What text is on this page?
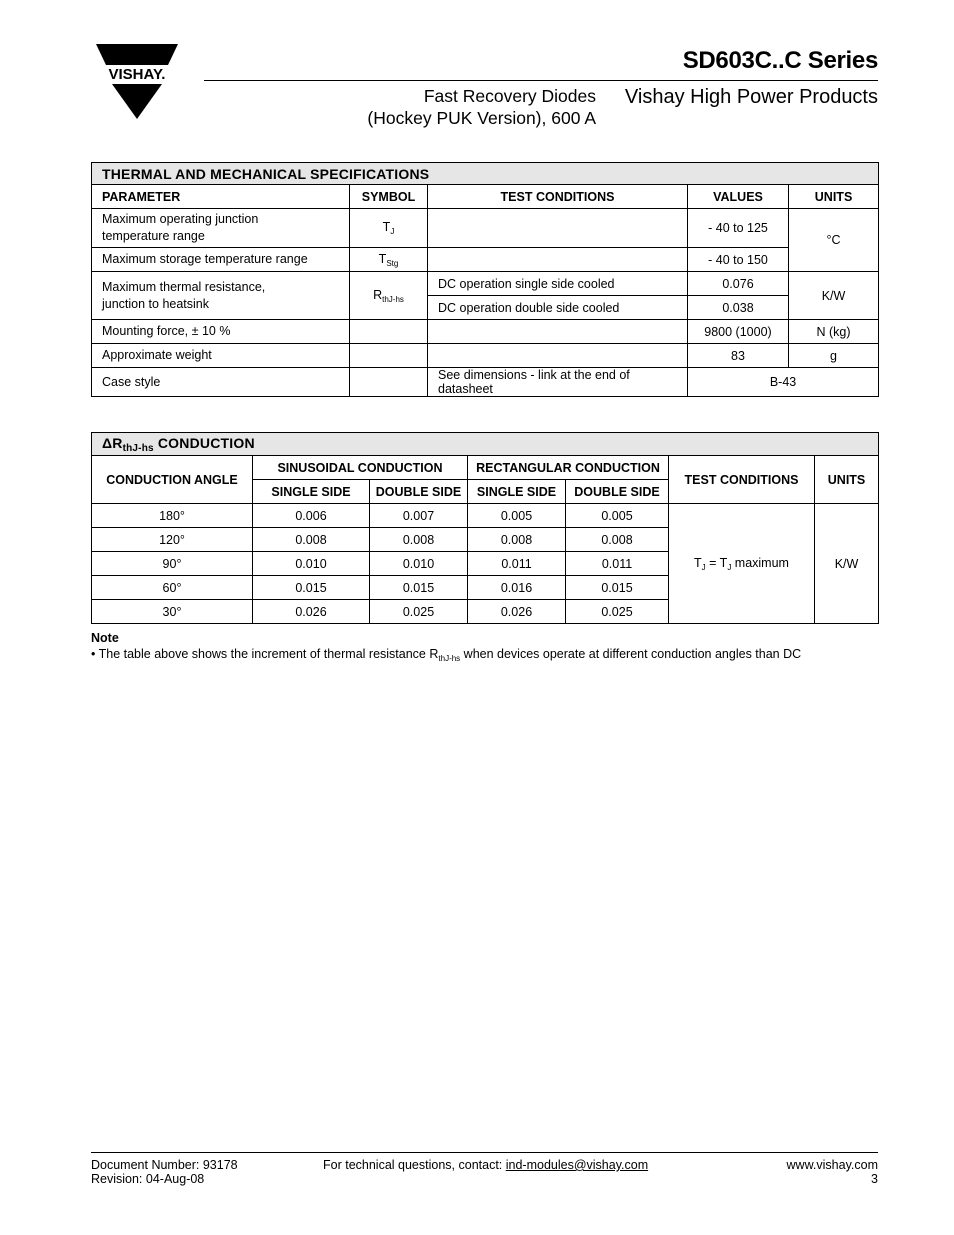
VISHAY.
SD603C..C Series
Fast Recovery Diodes
(Hockey PUK Version), 600 A
Vishay High Power Products
THERMAL AND MECHANICAL SPECIFICATIONS				
PARAMETER	SYMBOL	TEST CONDITIONS	VALUES	UNITS

Maximum operating junction
temperature range	$T_J$		- 40 to 125	°C
Maximum storage temperature range	$T_{Stg}$		- 40 to 150	

Maximum thermal resistance,
junction to heatsink	$R_{thJ-hs}$	DC operation single side cooled	0.076	K/W
		DC operation double side cooled	0.038	
Mounting force, ± 10 %			9800 (1000)	N (kg)
Approximate weight			83	g
Case style		See dimensions - link at the end of datasheet	B-43	
$\Delta R_{thJ-hs}$ CONDUCTION						
CONDUCTION ANGLE	SINUSOIDAL CONDUCTION		RECTANGULAR CONDUCTION		TEST CONDITIONS	UNITS
	SINGLE SIDE	DOUBLE SIDE	SINGLE SIDE	DOUBLE SIDE		
180°	0.006	0.007	0.005	0.005	$T_J = T_J$ maximum	K/W
120°	0.008	0.008	0.008	0.008		
90°	0.010	0.010	0.011	0.011		
60°	0.015	0.015	0.016	0.015		
30°	0.026	0.025	0.026	0.025		
Note
• The table above shows the increment of thermal resistance $R_{thJ-hs}$ when devices operate at different conduction angles than DC
Document Number: 93178
Revision: 04-Aug-08
For technical questions, contact: ind-modules@vishay.com	www.vishay.com
3
